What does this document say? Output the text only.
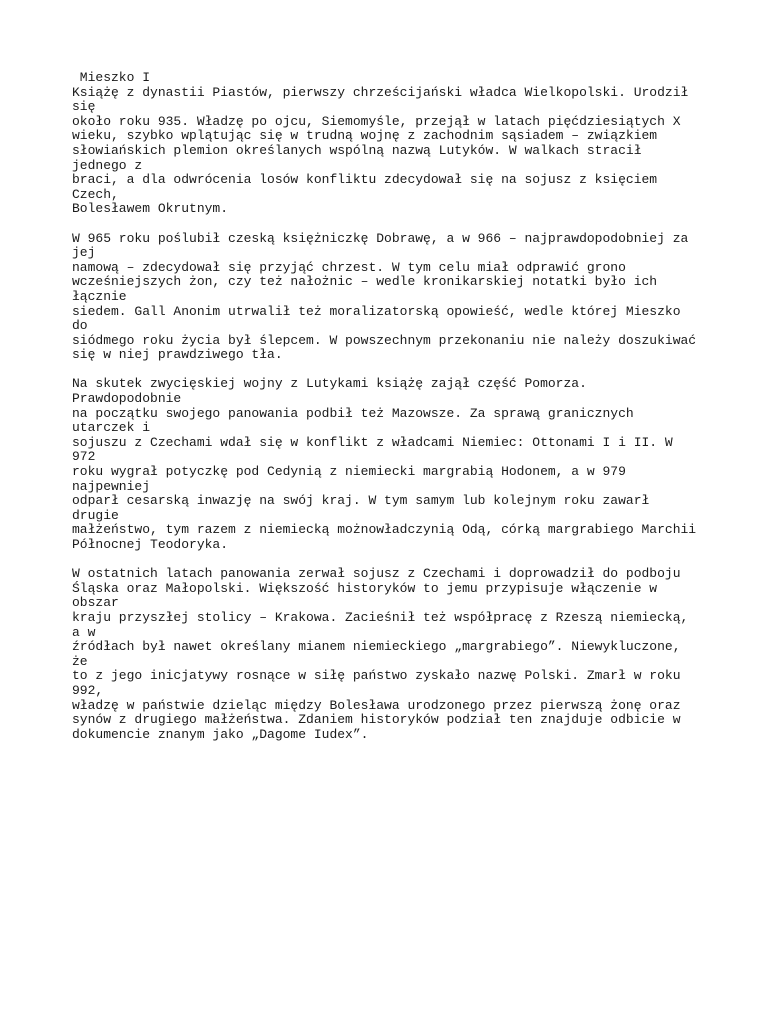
Mieszko I

Książę z dynastii Piastów, pierwszy chrześcijański władca Wielkopolski. Urodził się
około roku 935. Władzę po ojcu, Siemomyśle, przejął w latach pięćdziesiątych X
wieku, szybko wplątując się w trudną wojnę z zachodnim sąsiadem – związkiem
słowiańskich plemion określanych wspólną nazwą Lutyków. W walkach stracił jednego z
braci, a dla odwrócenia losów konfliktu zdecydował się na sojusz z księciem Czech,
Bolesławem Okrutnym.

W 965 roku poślubił czeską księżniczkę Dobrawę, a w 966 – najprawdopodobniej za jej
namową – zdecydował się przyjąć chrzest. W tym celu miał odprawić grono
wcześniejszych żon, czy też nałożnic – wedle kronikarskiej notatki było ich łącznie
siedem. Gall Anonim utrwalił też moralizatorską opowieść, wedle której Mieszko do
siódmego roku życia był ślepcem. W powszechnym przekonaniu nie należy doszukiwać
się w niej prawdziwego tła.

Na skutek zwycięskiej wojny z Lutykami książę zajął część Pomorza. Prawdopodobnie
na początku swojego panowania podbił też Mazowsze. Za sprawą granicznych utarczek i
sojuszu z Czechami wdał się w konflikt z władcami Niemiec: Ottonami I i II. W 972
roku wygrał potyczkę pod Cedynią z niemiecki margrabią Hodonem, a w 979 najpewniej
odparł cesarską inwazję na swój kraj. W tym samym lub kolejnym roku zawarł drugie
małżeństwo, tym razem z niemiecką możnowładczynią Odą, córką margrabiego Marchii
Północnej Teodoryka.

W ostatnich latach panowania zerwał sojusz z Czechami i doprowadził do podboju
Śląska oraz Małopolski. Większość historyków to jemu przypisuje włączenie w obszar
kraju przyszłej stolicy – Krakowa. Zacieśnił też współpracę z Rzeszą niemiecką, a w
źródłach był nawet określany mianem niemieckiego „margrabiego”. Niewykluczone, że
to z jego inicjatywy rosnące w siłę państwo zyskało nazwę Polski. Zmarł w roku 992,
władzę w państwie dzieląc między Bolesława urodzonego przez pierwszą żonę oraz
synów z drugiego małżeństwa. Zdaniem historyków podział ten znajduje odbicie w
dokumencie znanym jako „Dagome Iudex”.
